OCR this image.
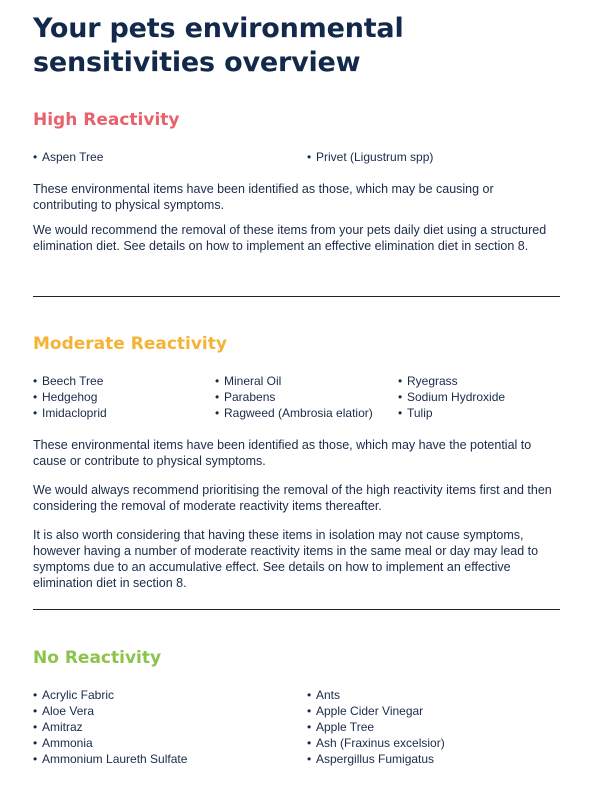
Your pets environmental sensitivities overview
High Reactivity
• Aspen Tree	• Privet (Ligustrum spp)

These environmental items have been identified as those, which may be causing or contributing to physical symptoms.

We would recommend the removal of these items from your pets daily diet using a structured elimination diet. See details on how to implement an effective elimination diet in section 8.

Moderate Reactivity
• Beech Tree
• Hedgehog
• Imidacloprid
• Mineral Oil
• Parabens
• Ragweed (Ambrosia elatior)
• Ryegrass
• Sodium Hydroxide
• Tulip

These environmental items have been identified as those, which may have the potential to cause or contribute to physical symptoms.

We would always recommend prioritising the removal of the high reactivity items first and then considering the removal of moderate reactivity items thereafter.

It is also worth considering that having these items in isolation may not cause symptoms, however having a number of moderate reactivity items in the same meal or day may lead to symptoms due to an accumulative effect. See details on how to implement an effective elimination diet in section 8.

No Reactivity
• Acrylic Fabric
• Aloe Vera
• Amitraz
• Ammonia
• Ammonium Laureth Sulfate
• Ants
• Apple Cider Vinegar
• Apple Tree
• Ash (Fraxinus excelsior)
• Aspergillus Fumigatus
